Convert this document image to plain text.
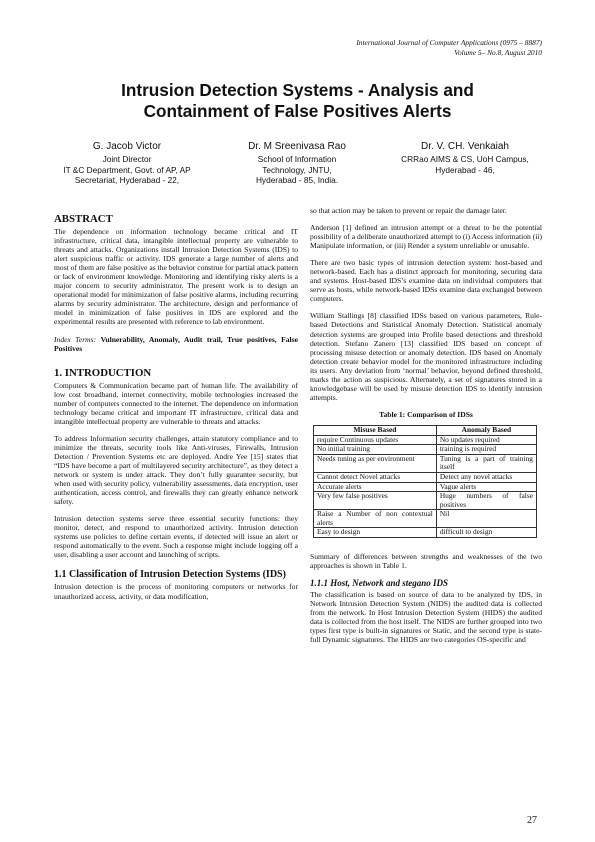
International Journal of Computer Applications (0975 – 8887)
Volume 5– No.8, August 2010
Intrusion Detection Systems - Analysis and
Containment of False Positives Alerts
G. Jacob Victor
Joint Director
IT &C Department, Govt. of AP, AP
Secretariat, Hyderabad - 22,
Dr. M Sreenivasa Rao
School of Information
Technology, JNTU,
Hyderabad - 85, India.
Dr. V. CH. Venkaiah
CRRao AIMS & CS, UoH Campus,
Hyderabad - 46,
ABSTRACT

The dependence on information technology became critical and IT infrastructure, critical data, intangible intellectual property are vulnerable to threats and attacks. Organizations install Intrusion Detection Systems (IDS) to alert suspicious traffic or activity. IDS generate a large number of alerts and most of them are false positive as the behavior construe for partial attack pattern or lack of environment knowledge. Monitoring and identifying risky alerts is a major concern to security administrator. The present work is to design an operational model for minimization of false positive alarms, including recurring alarms by security administrator. The architecture, design and performance of model in minimization of false positives in IDS are explored and the experimental results are presented with reference to lab environment.

Index Terms: Vulnerability, Anomaly, Audit trail, True positives, False Positives

1. INTRODUCTION

Computers & Communication became part of human life. The availability of low cost broadband, internet connectivity, mobile technologies increased the number of computers connected to the internet. The dependence on information technology became critical and important IT infrastructure, critical data and intangible intellectual property are vulnerable to threats and attacks.

To address Information security challenges, attain statutory compliance and to minimize the threats, security tools like Anti-viruses, Firewalls, Intrusion Detection / Prevention Systems etc are deployed. Andre Yee [15] states that “IDS have become a part of multilayered security architecture”, as they detect a network or system is under attack. They don’t fully guarantee security, but when used with security policy, vulnerability assessments, data encryption, user authentication, access control, and firewalls they can greatly enhance network safety.

Intrusion detection systems serve three essential security functions: they monitor, detect, and respond to unauthorized activity. Intrusion detection systems use policies to define certain events, if detected will issue an alert or respond automatically to the event. Such a response might include logging off a user, disabling a user account and launching of scripts.

1.1 Classification of Intrusion Detection Systems (IDS)

Intrusion detection is the process of monitoring computers or networks for unauthorized access, activity, or data modification,

so that action may be taken to prevent or repair the damage later.

Anderson [1] defined an intrusion attempt or a threat to be the potential possibility of a deliberate unauthorized attempt to (i) Access information (ii) Manipulate information, or (iii) Render a system unreliable or unusable.

There are two basic types of intrusion detection system: host-based and network-based. Each has a distinct approach for monitoring, securing data and systems. Host-based IDS’s examine data on individual computers that serve as hosts, while network-based IDSs examine data exchanged between computers.

William Stallings [8] classified IDSs based on various parameters, Rule-based Detections and Statistical Anomaly Detection. Statistical anomaly detection systems are grouped into Profile based detections and threshold detection. Stefano Zanero [13] classified IDS based on concept of processing misuse detection or anomaly detection. IDS based on Anomaly detection create behavior model for the monitored infrastructure including its users. Any deviation from ‘normal’ behavior, beyond defined threshold, marks the action as suspicious. Alternately, a set of signatures stored in a knowledgebase will be used by misuse detection IDS to identify intrusion attempts.

Table 1: Comparison of IDSs
Misuse Based	Anomaly Based
require Continuous updates	No updates required
No initial training	training is required
Needs tuning as per environment	Tuning is a part of training itself
Cannot detect Novel attacks	Detect any novel attacks
Accurate alerts	Vague alerts
Very few false positives	Huge numbers of false positives
Raise a Number of non contextual alerts	Nil
Easy to design	difficult to design

Summary of differences between strengths and weaknesses of the two approaches is shown in Table 1.

1.1.1 Host, Network and stegano IDS

The classification is based on source of data to be analyzed by IDS, in Network Intrusion Detection System (NIDS) the audited data is collected from the network. In Host Intrusion Detection System (HIDS) the audited data is collected from the host itself. The NIDS are further grouped into two types first type is built-in signatures or Static, and the second type is state-full Dynamic signatures. The HIDS are two categories OS-specific and

27
